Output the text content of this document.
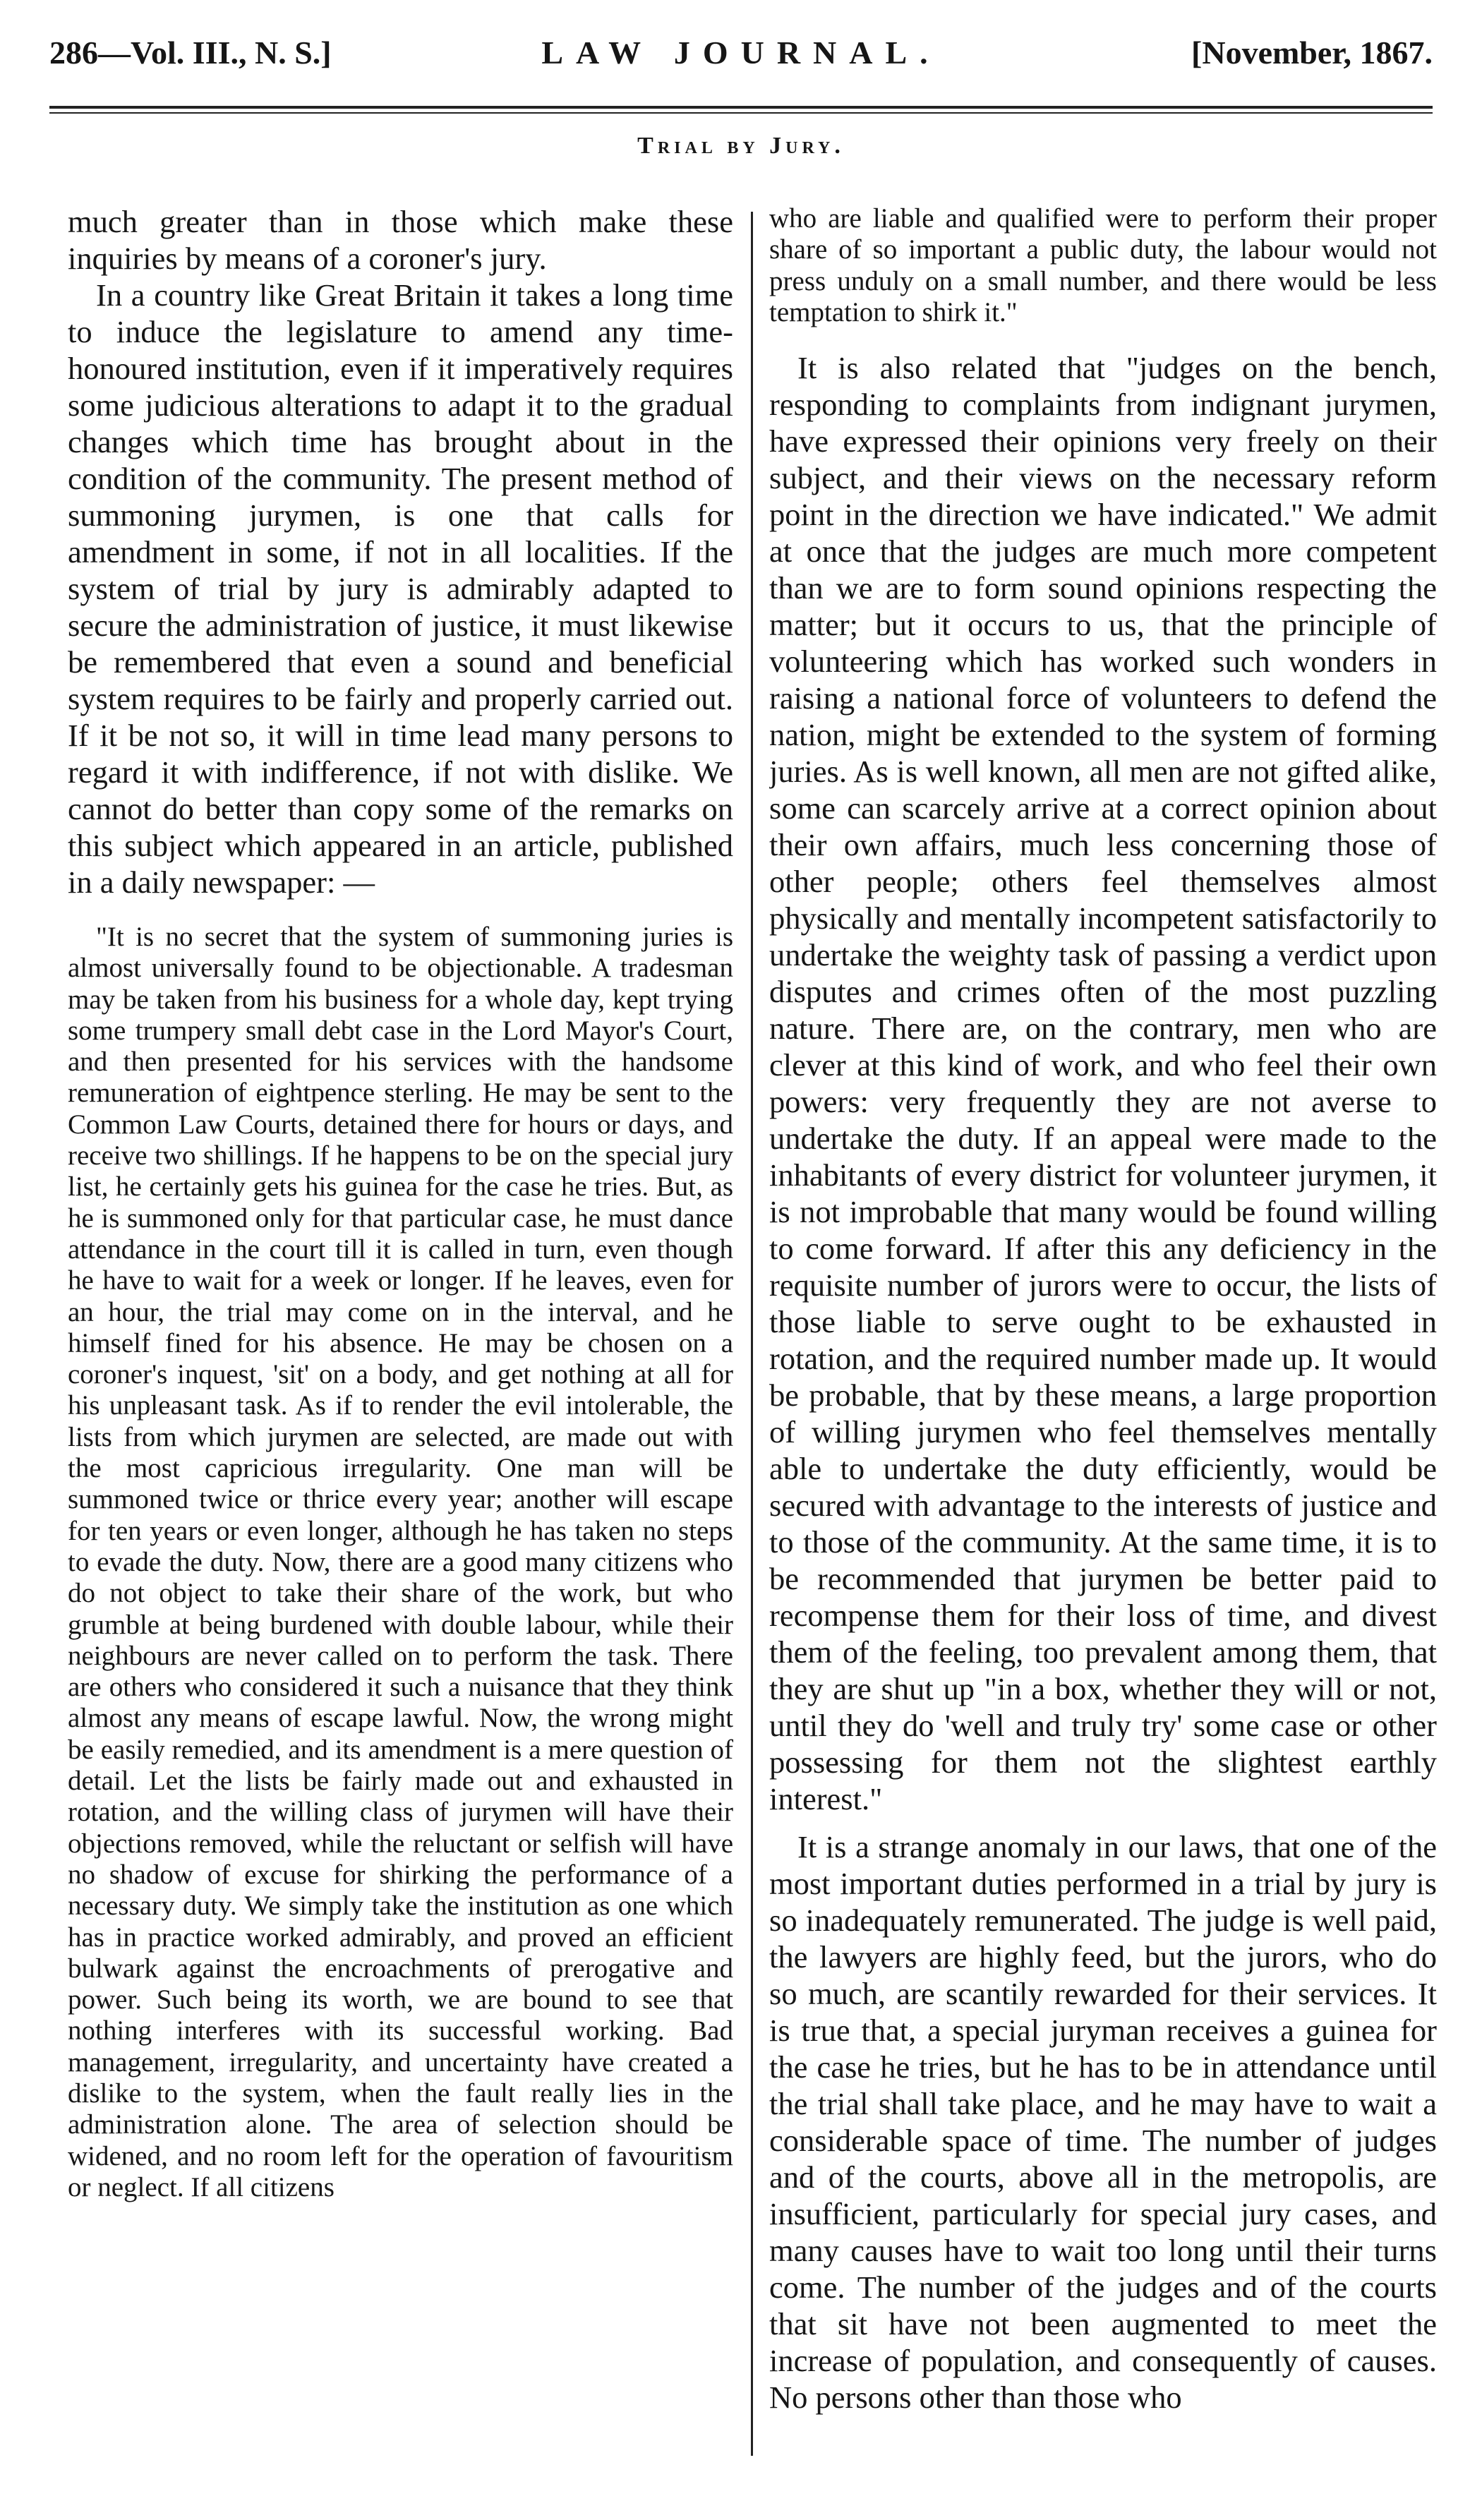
286—Vol. III., N. S.]	LAW JOURNAL.	[November, 1867.
Trial by Jury.

much greater than in those which make these inquiries by means of a coroner's jury.

In a country like Great Britain it takes a long time to induce the legislature to amend any time-honoured institution, even if it imperatively requires some judicious alterations to adapt it to the gradual changes which time has brought about in the condition of the community. The present method of summoning jurymen, is one that calls for amendment in some, if not in all localities. If the system of trial by jury is admirably adapted to secure the administration of justice, it must likewise be remembered that even a sound and beneficial system requires to be fairly and properly carried out. If it be not so, it will in time lead many persons to regard it with indifference, if not with dislike. We cannot do better than copy some of the remarks on this subject which appeared in an article, published in a daily newspaper: —

"It is no secret that the system of summoning juries is almost universally found to be objectionable. A tradesman may be taken from his business for a whole day, kept trying some trumpery small debt case in the Lord Mayor's Court, and then presented for his services with the handsome remuneration of eightpence sterling. He may be sent to the Common Law Courts, detained there for hours or days, and receive two shillings. If he happens to be on the special jury list, he certainly gets his guinea for the case he tries. But, as he is summoned only for that particular case, he must dance attendance in the court till it is called in turn, even though he have to wait for a week or longer. If he leaves, even for an hour, the trial may come on in the interval, and he himself fined for his absence. He may be chosen on a coroner's inquest, 'sit' on a body, and get nothing at all for his unpleasant task. As if to render the evil intolerable, the lists from which jurymen are selected, are made out with the most capricious irregularity. One man will be summoned twice or thrice every year; another will escape for ten years or even longer, although he has taken no steps to evade the duty. Now, there are a good many citizens who do not object to take their share of the work, but who grumble at being burdened with double labour, while their neighbours are never called on to perform the task. There are others who considered it such a nuisance that they think almost any means of escape lawful. Now, the wrong might be easily remedied, and its amendment is a mere question of detail. Let the lists be fairly made out and exhausted in rotation, and the willing class of jurymen will have their objections removed, while the reluctant or selfish will have no shadow of excuse for shirking the performance of a necessary duty. We simply take the institution as one which has in practice worked admirably, and proved an efficient bulwark against the encroachments of prerogative and power. Such being its worth, we are bound to see that nothing interferes with its successful working. Bad management, irregularity, and uncertainty have created a dislike to the system, when the fault really lies in the administration alone. The area of selection should be widened, and no room left for the operation of favouritism or neglect. If all citizens

who are liable and qualified were to perform their proper share of so important a public duty, the labour would not press unduly on a small number, and there would be less temptation to shirk it."

It is also related that "judges on the bench, responding to complaints from indignant jurymen, have expressed their opinions very freely on their subject, and their views on the necessary reform point in the direction we have indicated." We admit at once that the judges are much more competent than we are to form sound opinions respecting the matter; but it occurs to us, that the principle of volunteering which has worked such wonders in raising a national force of volunteers to defend the nation, might be extended to the system of forming juries. As is well known, all men are not gifted alike, some can scarcely arrive at a correct opinion about their own affairs, much less concerning those of other people; others feel themselves almost physically and mentally incompetent satisfactorily to undertake the weighty task of passing a verdict upon disputes and crimes often of the most puzzling nature. There are, on the contrary, men who are clever at this kind of work, and who feel their own powers: very frequently they are not averse to undertake the duty. If an appeal were made to the inhabitants of every district for volunteer jurymen, it is not improbable that many would be found willing to come forward. If after this any deficiency in the requisite number of jurors were to occur, the lists of those liable to serve ought to be exhausted in rotation, and the required number made up. It would be probable, that by these means, a large proportion of willing jurymen who feel themselves mentally able to undertake the duty efficiently, would be secured with advantage to the interests of justice and to those of the community. At the same time, it is to be recommended that jurymen be better paid to recompense them for their loss of time, and divest them of the feeling, too prevalent among them, that they are shut up "in a box, whether they will or not, until they do 'well and truly try' some case or other possessing for them not the slightest earthly interest."

It is a strange anomaly in our laws, that one of the most important duties performed in a trial by jury is so inadequately remunerated. The judge is well paid, the lawyers are highly feed, but the jurors, who do so much, are scantily rewarded for their services. It is true that, a special juryman receives a guinea for the case he tries, but he has to be in attendance until the trial shall take place, and he may have to wait a considerable space of time. The number of judges and of the courts, above all in the metropolis, are insufficient, particularly for special jury cases, and many causes have to wait too long until their turns come. The number of the judges and of the courts that sit have not been augmented to meet the increase of population, and consequently of causes. No persons other than those who
